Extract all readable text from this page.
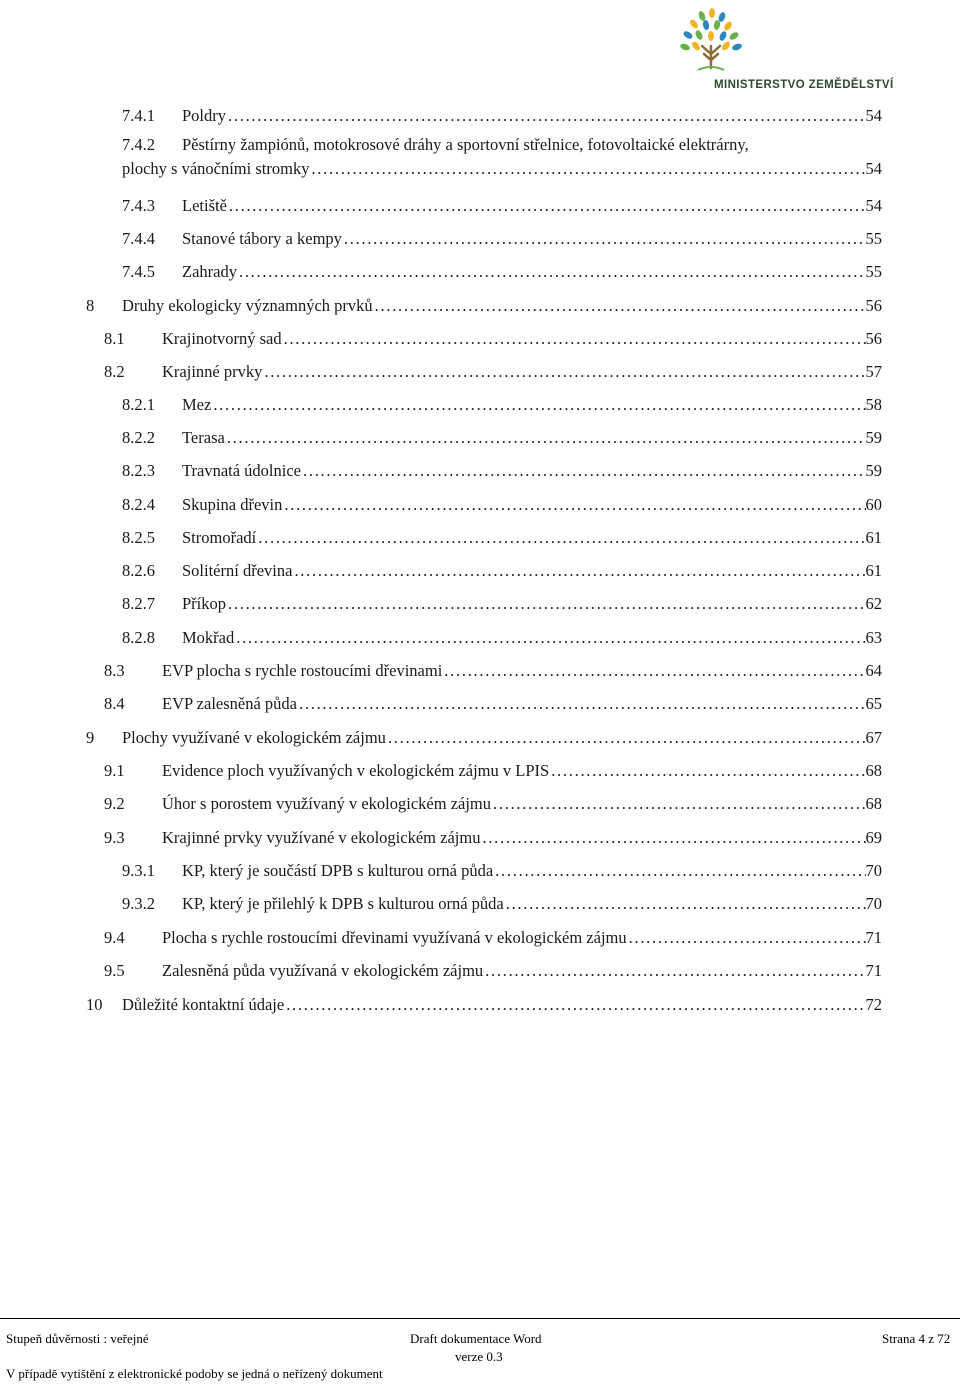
MINISTERSTVO ZEMĚDĚLSTVÍ
7.4.1	Poldry . . .	54
7.4.2	Pěstírny žampiónů, motokrosové dráhy a sportovní střelnice, fotovoltaické elektrárny,
plochy s vánočními stromky . . .	54
7.4.3	Letiště . . .	54
7.4.4	Stanové tábory a kempy . . .	55
7.4.5	Zahrady . . .	55
8	Druhy ekologicky významných prvků . . .	56
8.1	Krajinotvorný sad . . .	56
8.2	Krajinné prvky . . .	57
8.2.1	Mez . . .	58
8.2.2	Terasa . . .	59
8.2.3	Travnatá údolnice . . .	59
8.2.4	Skupina dřevin . . .	60
8.2.5	Stromořadí . . .	61
8.2.6	Solitérní dřevina . . .	61
8.2.7	Příkop . . .	62
8.2.8	Mokřad . . .	63
8.3	EVP plocha s rychle rostoucími dřevinami . . .	64
8.4	EVP zalesněná půda . . .	65
9	Plochy využívané v ekologickém zájmu . . .	67
9.1	Evidence ploch využívaných v ekologickém zájmu v LPIS . . .	68
9.2	Úhor s porostem využívaný v ekologickém zájmu . . .	68
9.3	Krajinné prvky využívané v ekologickém zájmu . . .	69
9.3.1	KP, který je součástí DPB s kulturou orná půda . . .	70
9.3.2	KP, který je přilehlý k DPB s kulturou orná půda . . .	70
9.4	Plocha s rychle rostoucími dřevinami využívaná v ekologickém zájmu . . .	71
9.5	Zalesněná půda využívaná v ekologickém zájmu . . .	71
10	Důležité kontaktní údaje . . .	72
Stupeň důvěrnosti : veřejné	Draft dokumentace Word
verze 0.3
Strana 4 z 72
V případě vytištění z elektronické podoby se jedná o neřízený dokument
